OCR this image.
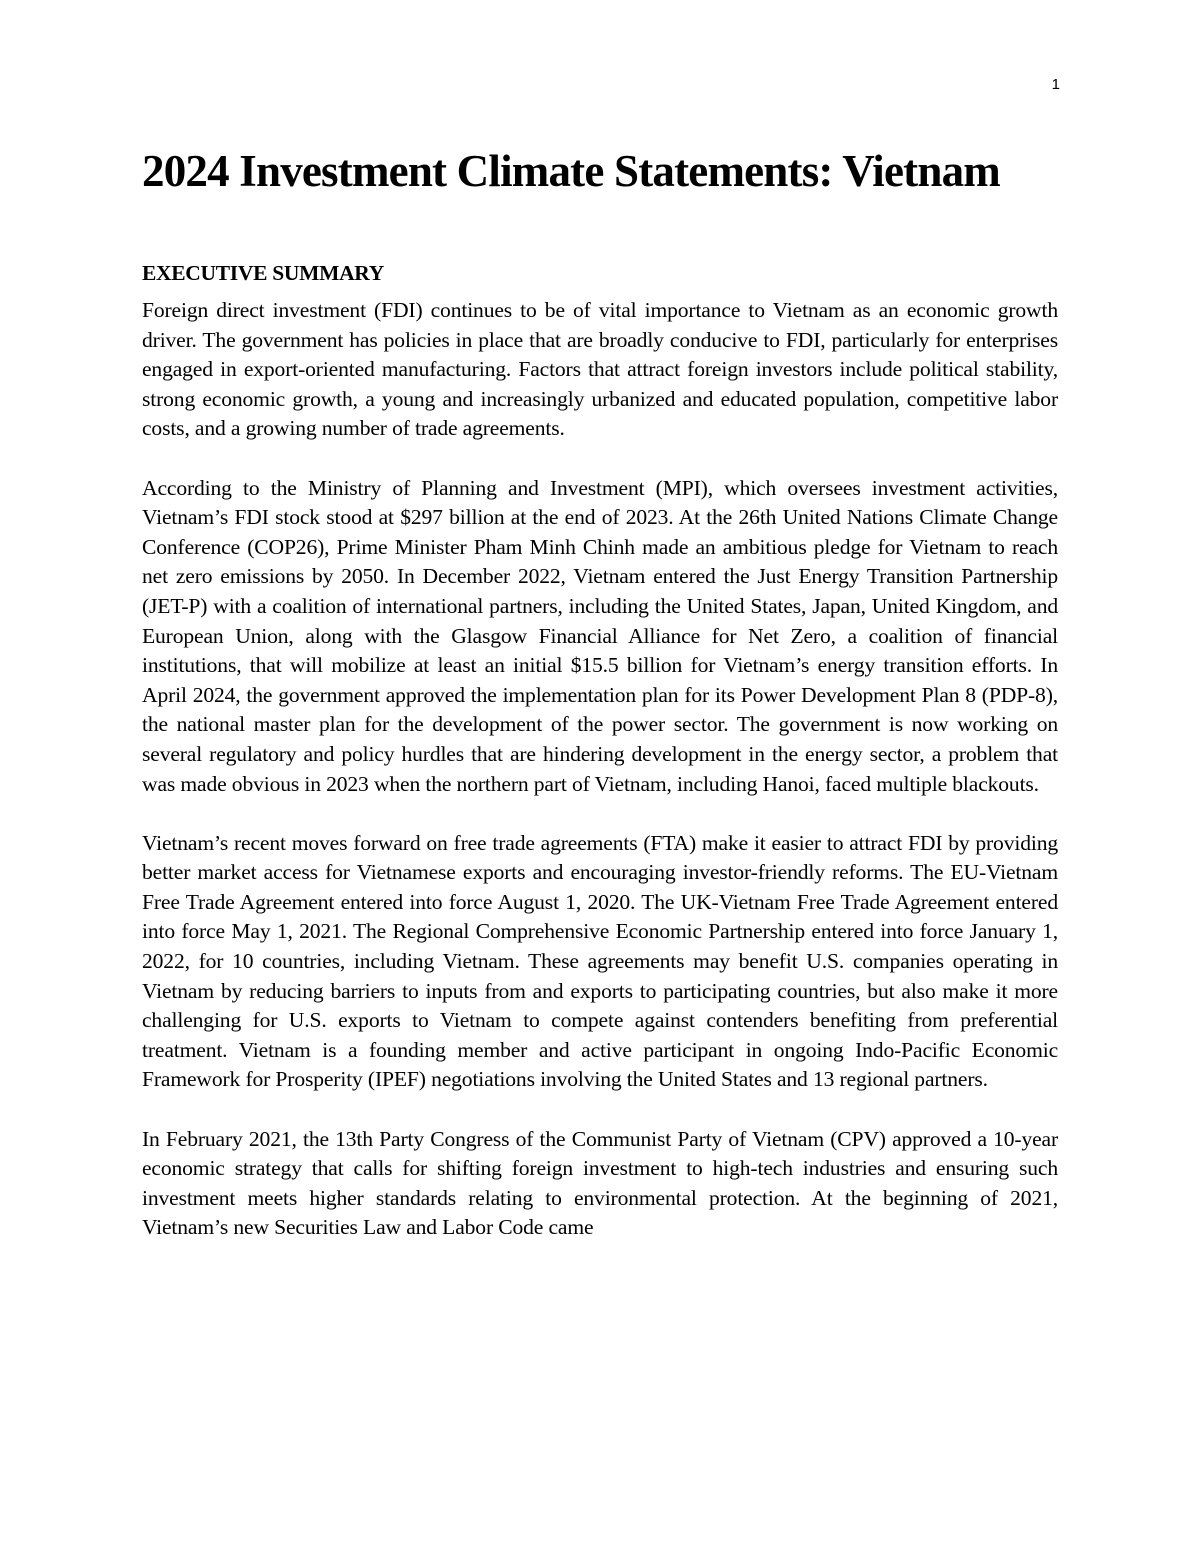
1
2024 Investment Climate Statements: Vietnam
EXECUTIVE SUMMARY

Foreign direct investment (FDI) continues to be of vital importance to Vietnam as an economic growth driver. The government has policies in place that are broadly conducive to FDI, particularly for enterprises engaged in export-oriented manufacturing. Factors that attract foreign investors include political stability, strong economic growth, a young and increasingly urbanized and educated population, competitive labor costs, and a growing number of trade agreements.

According to the Ministry of Planning and Investment (MPI), which oversees investment activities, Vietnam’s FDI stock stood at $297 billion at the end of 2023. At the 26th United Nations Climate Change Conference (COP26), Prime Minister Pham Minh Chinh made an ambitious pledge for Vietnam to reach net zero emissions by 2050. In December 2022, Vietnam entered the Just Energy Transition Partnership (JET-P) with a coalition of international partners, including the United States, Japan, United Kingdom, and European Union, along with the Glasgow Financial Alliance for Net Zero, a coalition of financial institutions, that will mobilize at least an initial $15.5 billion for Vietnam’s energy transition efforts. In April 2024, the government approved the implementation plan for its Power Development Plan 8 (PDP-8), the national master plan for the development of the power sector. The government is now working on several regulatory and policy hurdles that are hindering development in the energy sector, a problem that was made obvious in 2023 when the northern part of Vietnam, including Hanoi, faced multiple blackouts.

Vietnam’s recent moves forward on free trade agreements (FTA) make it easier to attract FDI by providing better market access for Vietnamese exports and encouraging investor-friendly reforms. The EU-Vietnam Free Trade Agreement entered into force August 1, 2020. The UK-Vietnam Free Trade Agreement entered into force May 1, 2021. The Regional Comprehensive Economic Partnership entered into force January 1, 2022, for 10 countries, including Vietnam. These agreements may benefit U.S. companies operating in Vietnam by reducing barriers to inputs from and exports to participating countries, but also make it more challenging for U.S. exports to Vietnam to compete against contenders benefiting from preferential treatment. Vietnam is a founding member and active participant in ongoing Indo-Pacific Economic Framework for Prosperity (IPEF) negotiations involving the United States and 13 regional partners.

In February 2021, the 13th Party Congress of the Communist Party of Vietnam (CPV) approved a 10-year economic strategy that calls for shifting foreign investment to high-tech industries and ensuring such investment meets higher standards relating to environmental protection. At the beginning of 2021, Vietnam’s new Securities Law and Labor Code came
